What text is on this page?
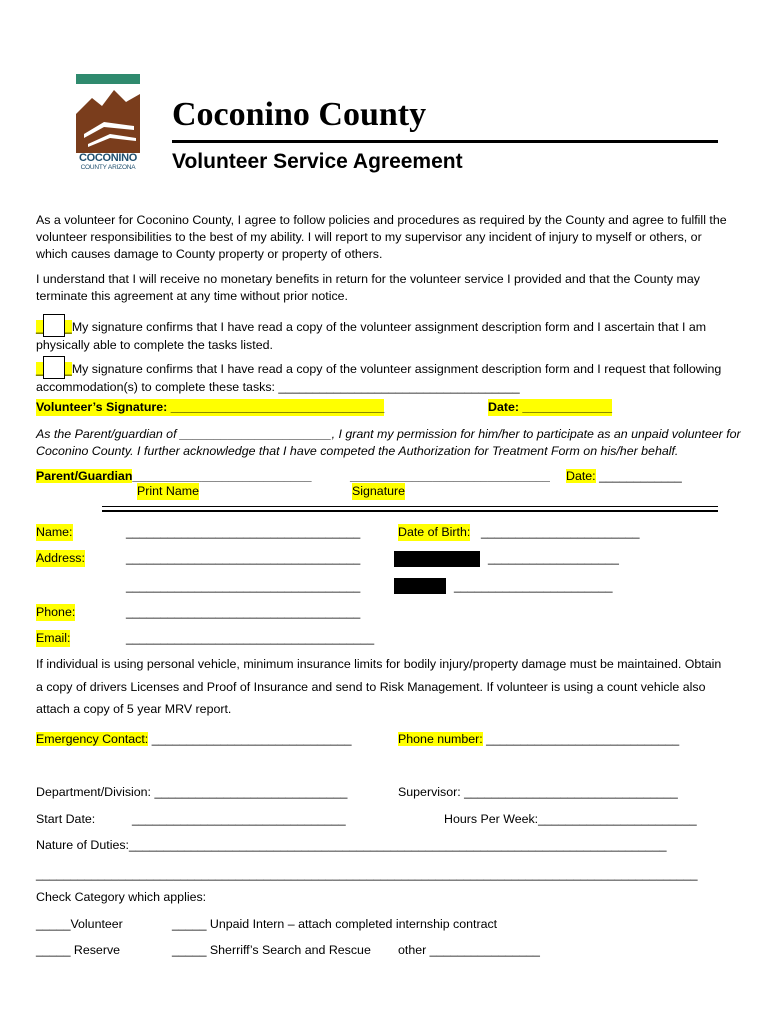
COCONINO
COUNTY ARIZONA
Coconino County
Volunteer Service Agreement
As a volunteer for Coconino County, I agree to follow policies and procedures as required by the County and agree to fulfill the volunteer responsibilities to the best of my ability. I will report to my supervisor any incident of injury to myself or others, or which causes damage to County property or property of others.
I understand that I will receive no monetary benefits in return for the volunteer service I provided and that the County may terminate this agreement at any time without prior notice.
_ _My signature confirms that I have read a copy of the volunteer assignment description form and I ascertain that I am physically able to complete the tasks listed.
_ _My signature confirms that I have read a copy of the volunteer assignment description form and I request that following accommodation(s) to complete these tasks: ___________________________________
Volunteer’s Signature: _______________________________	Date: _____________
As the Parent/guardian of ______________________, I grant my permission for him/her to participate as an unpaid volunteer for Coconino County. I further acknowledge that I have competed the Authorization for Treatment Form on his/her behalf.
Parent/Guardian__________________________	_____________________________ Date: ____________
Print Name	Signature
Name:	__________________________________	Date of Birth: _______________________
Address:	__________________________________	___________________
__________________________________	_______________________
Phone:	__________________________________
Email:	____________________________________
If individual is using personal vehicle, minimum insurance limits for bodily injury/property damage must be maintained. Obtain
a copy of drivers Licenses and Proof of Insurance and send to Risk Management. If volunteer is using a count vehicle also
attach a copy of 5 year MRV report.
Emergency Contact: _____________________________	Phone number: ____________________________
Department/Division: ____________________________	Supervisor: _______________________________
Start Date:	_______________________________	Hours Per Week:_______________________
Nature of Duties:______________________________________________________________________________
________________________________________________________________________________________________
Check Category which applies:
_____Volunteer	_____ Unpaid Intern – attach completed internship contract
_____ Reserve	_____ Sherriff’s Search and Rescue other ________________
